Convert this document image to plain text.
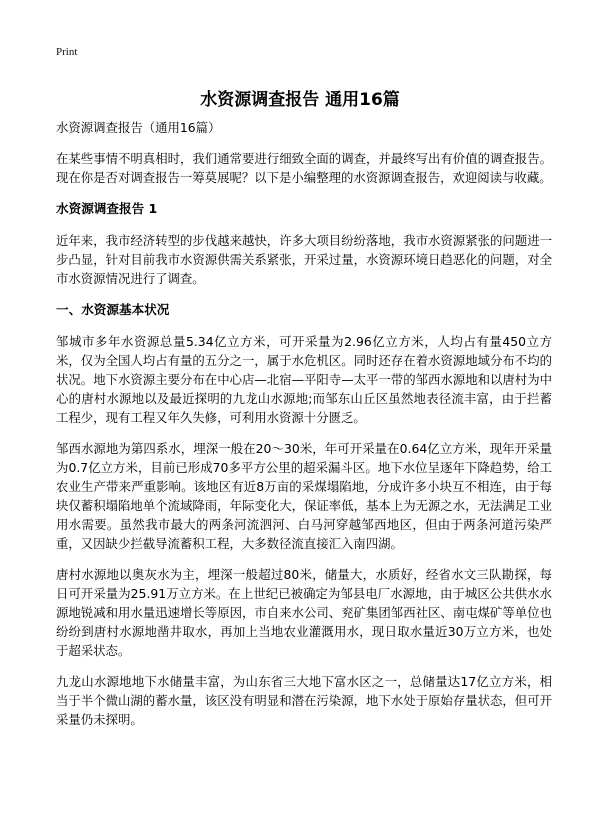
Print
水资源调查报告 通用16篇

水资源调查报告（通用16篇）

在某些事情不明真相时，我们通常要进行细致全面的调查，并最终写出有价值的调查报告。现在你是否对调查报告一筹莫展呢？以下是小编整理的水资源调查报告，欢迎阅读与收藏。

水资源调查报告 1

近年来，我市经济转型的步伐越来越快，许多大项目纷纷落地，我市水资源紧张的问题进一步凸显，针对目前我市水资源供需关系紧张，开采过量，水资源环境日趋恶化的问题，对全市水资源情况进行了调查。

一、水资源基本状况

邹城市多年水资源总量5.34亿立方米，可开采量为2.96亿立方米，人均占有量450立方米，仅为全国人均占有量的五分之一，属于水危机区。同时还存在着水资源地域分布不均的状况。地下水资源主要分布在中心店—北宿—平阳寺—太平一带的邹西水源地和以唐村为中心的唐村水源地以及最近探明的九龙山水源地;而邹东山丘区虽然地表径流丰富，由于拦蓄工程少，现有工程又年久失修，可利用水资源十分匮乏。

邹西水源地为第四系水，埋深一般在20～30米，年可开采量在0.64亿立方米，现年开采量为0.7亿立方米，目前已形成70多平方公里的超采漏斗区。地下水位呈逐年下降趋势，给工农业生产带来严重影响。该地区有近8万亩的采煤塌陷地，分成许多小块互不相连，由于每块仅蓄积塌陷地单个流域降雨，年际变化大，保证率低，基本上为无源之水，无法满足工业用水需要。虽然我市最大的两条河流泗河、白马河穿越邹西地区，但由于两条河道污染严重，又因缺少拦截导流蓄积工程，大多数径流直接汇入南四湖。

唐村水源地以奥灰水为主，埋深一般超过80米，储量大，水质好，经省水文三队勘探，每日可开采量为25.91万立方米。在上世纪已被确定为邹县电厂水源地，由于城区公共供水水源地锐减和用水量迅速增长等原因，市自来水公司、兖矿集团邹西社区、南屯煤矿等单位也纷纷到唐村水源地凿井取水，再加上当地农业灌溉用水，现日取水量近30万立方米，也处于超采状态。

九龙山水源地地下水储量丰富，为山东省三大地下富水区之一，总储量达17亿立方米，相当于半个微山湖的蓄水量，该区没有明显和潜在污染源，地下水处于原始存量状态，但可开采量仍未探明。
